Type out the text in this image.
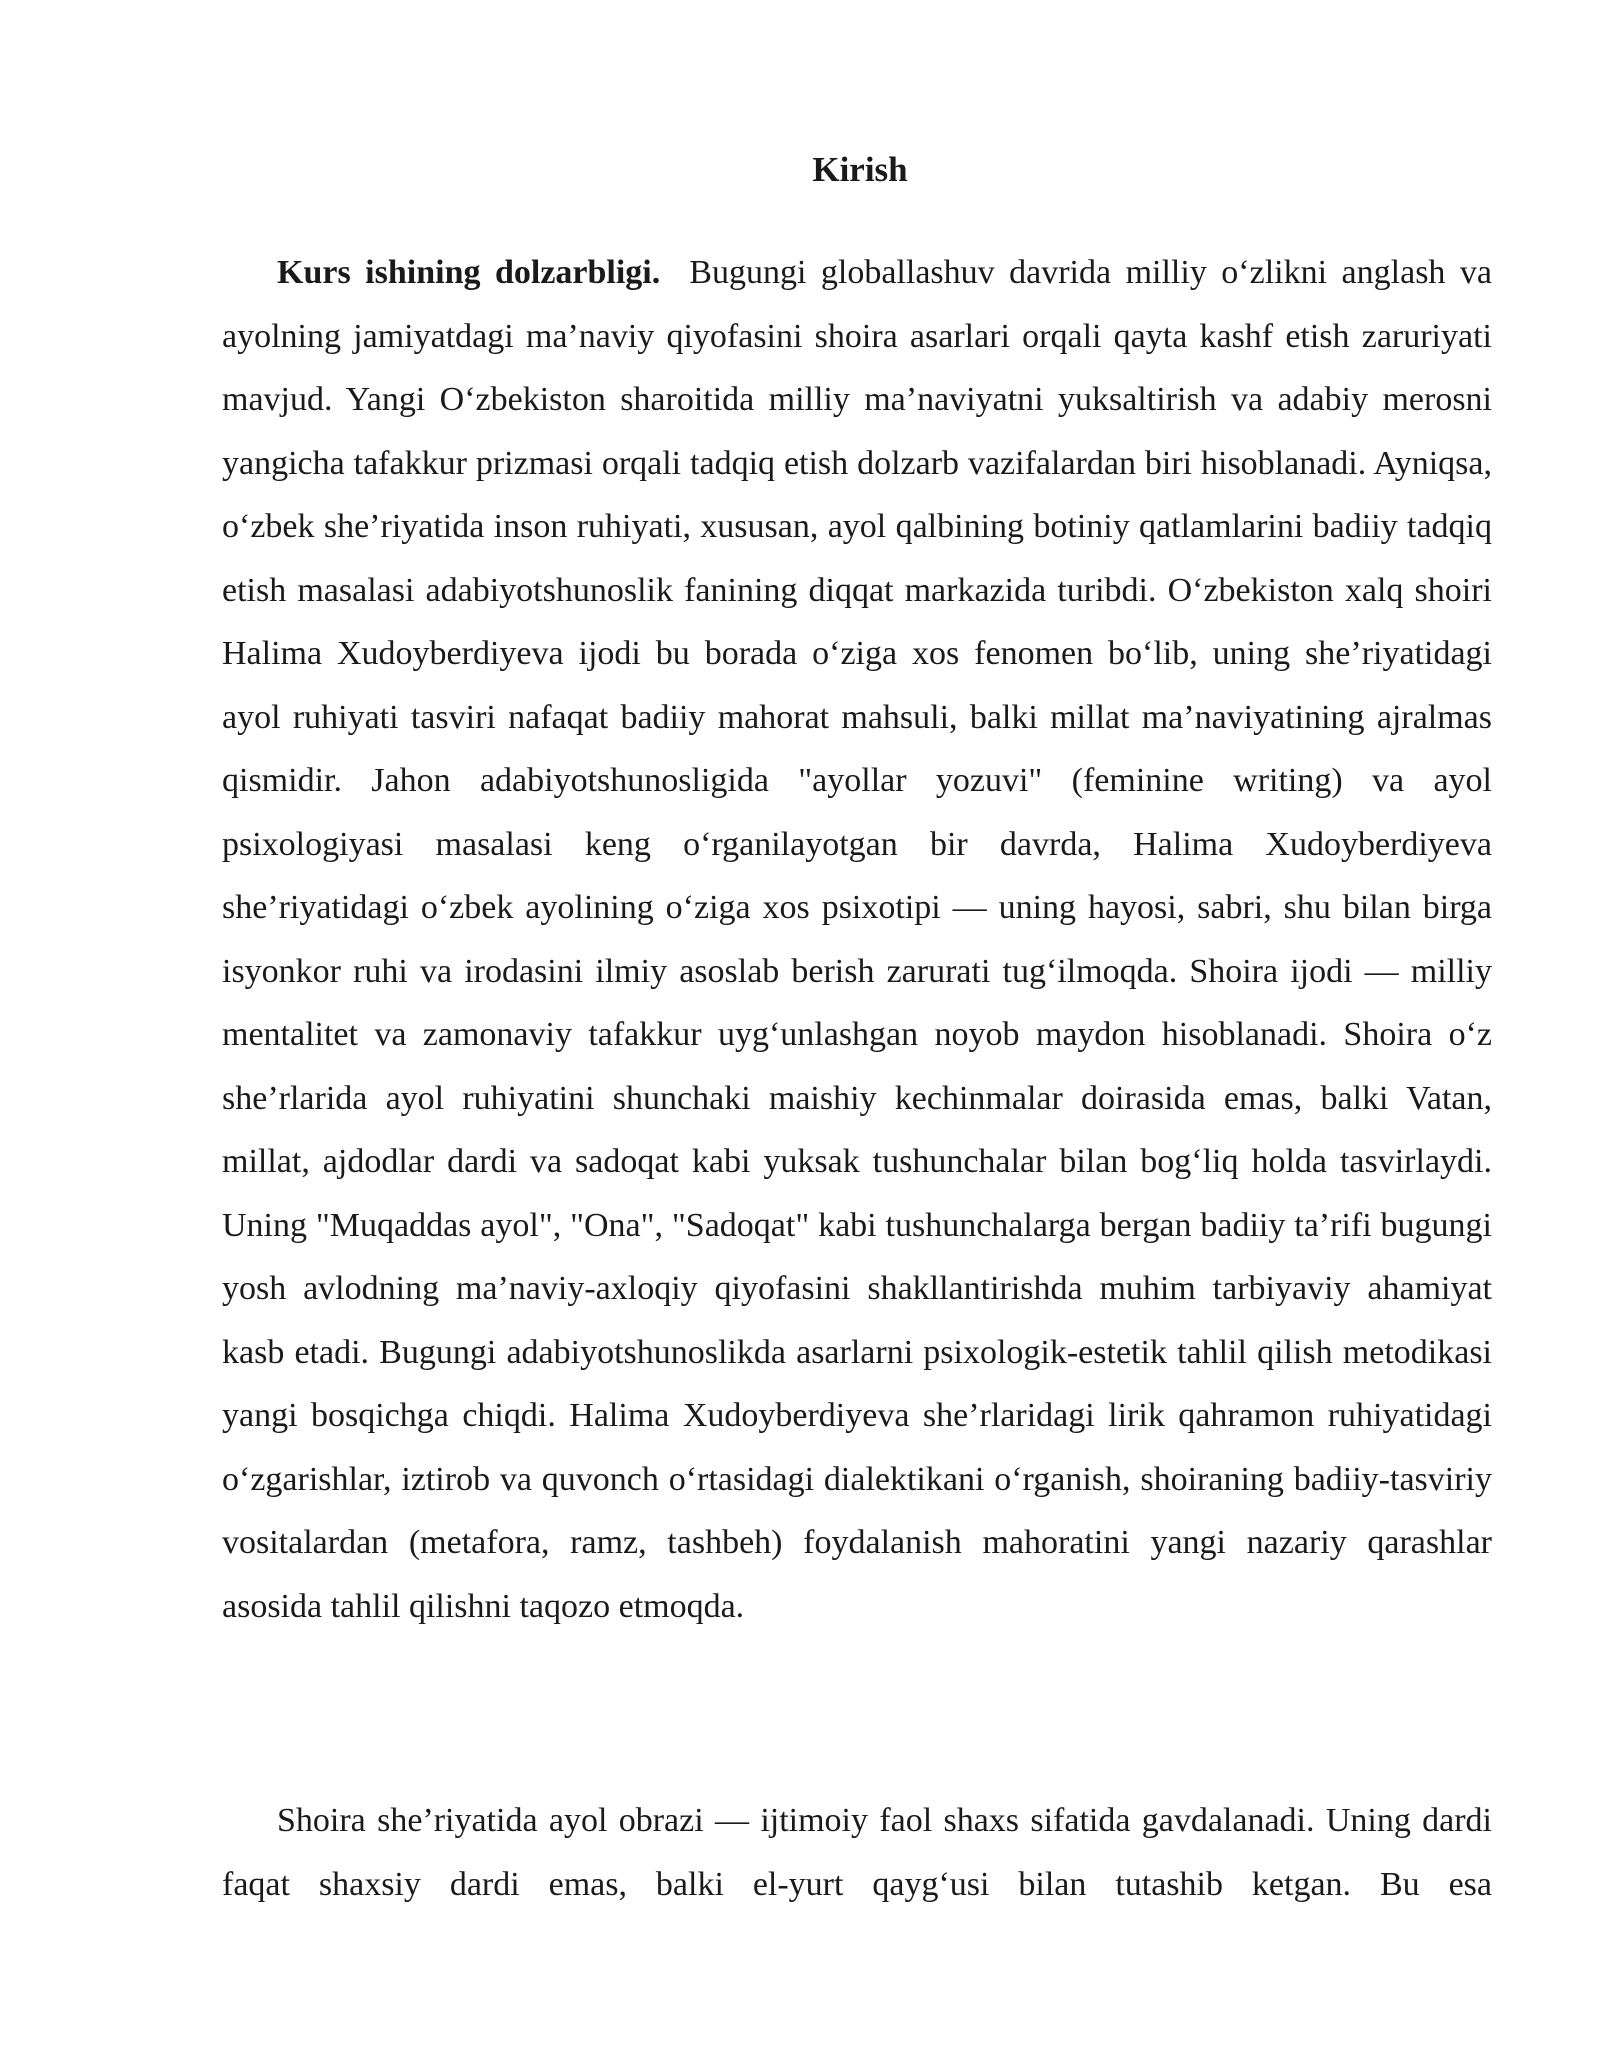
Kirish

Kurs ishining dolzarbligi. Bugungi globallashuv davrida milliy o‘zlikni anglash va ayolning jamiyatdagi ma’naviy qiyofasini shoira asarlari orqali qayta kashf etish zaruriyati mavjud. Yangi O‘zbekiston sharoitida milliy ma’naviyatni yuksaltirish va adabiy merosni yangicha tafakkur prizmasi orqali tadqiq etish dolzarb vazifalardan biri hisoblanadi. Ayniqsa, o‘zbek she’riyatida inson ruhiyati, xususan, ayol qalbining botiniy qatlamlarini badiiy tadqiq etish masalasi adabiyotshunoslik fanining diqqat markazida turibdi. O‘zbekiston xalq shoiri Halima Xudoyberdiyeva ijodi bu borada o‘ziga xos fenomen bo‘lib, uning she’riyatidagi ayol ruhiyati tasviri nafaqat badiiy mahorat mahsuli, balki millat ma’naviyatining ajralmas qismidir. Jahon adabiyotshunosligida "ayollar yozuvi" (feminine writing) va ayol psixologiyasi masalasi keng o‘rganilayotgan bir davrda, Halima Xudoyberdiyeva she’riyatidagi o‘zbek ayolining o‘ziga xos psixotipi — uning hayosi, sabri, shu bilan birga isyonkor ruhi va irodasini ilmiy asoslab berish zarurati tug‘ilmoqda. Shoira ijodi — milliy mentalitet va zamonaviy tafakkur uyg‘unlashgan noyob maydon hisoblanadi. Shoira o‘z she’rlarida ayol ruhiyatini shunchaki maishiy kechinmalar doirasida emas, balki Vatan, millat, ajdodlar dardi va sadoqat kabi yuksak tushunchalar bilan bog‘liq holda tasvirlaydi. Uning "Muqaddas ayol", "Ona", "Sadoqat" kabi tushunchalarga bergan badiiy ta’rifi bugungi yosh avlodning ma’naviy-axloqiy qiyofasini shakllantirishda muhim tarbiyaviy ahamiyat kasb etadi. Bugungi adabiyotshunoslikda asarlarni psixologik-estetik tahlil qilish metodikasi yangi bosqichga chiqdi. Halima Xudoyberdiyeva she’rlaridagi lirik qahramon ruhiyatidagi o‘zgarishlar, iztirob va quvonch o‘rtasidagi dialektikani o‘rganish, shoiraning badiiy-tasviriy vositalardan (metafora, ramz, tashbeh) foydalanish mahoratini yangi nazariy qarashlar asosida tahlil qilishni taqozo etmoqda.

Shoira she’riyatida ayol obrazi — ijtimoiy faol shaxs sifatida gavdalanadi. Uning dardi faqat shaxsiy dardi emas, balki el-yurt qayg‘usi bilan tutashib ketgan. Bu esa
